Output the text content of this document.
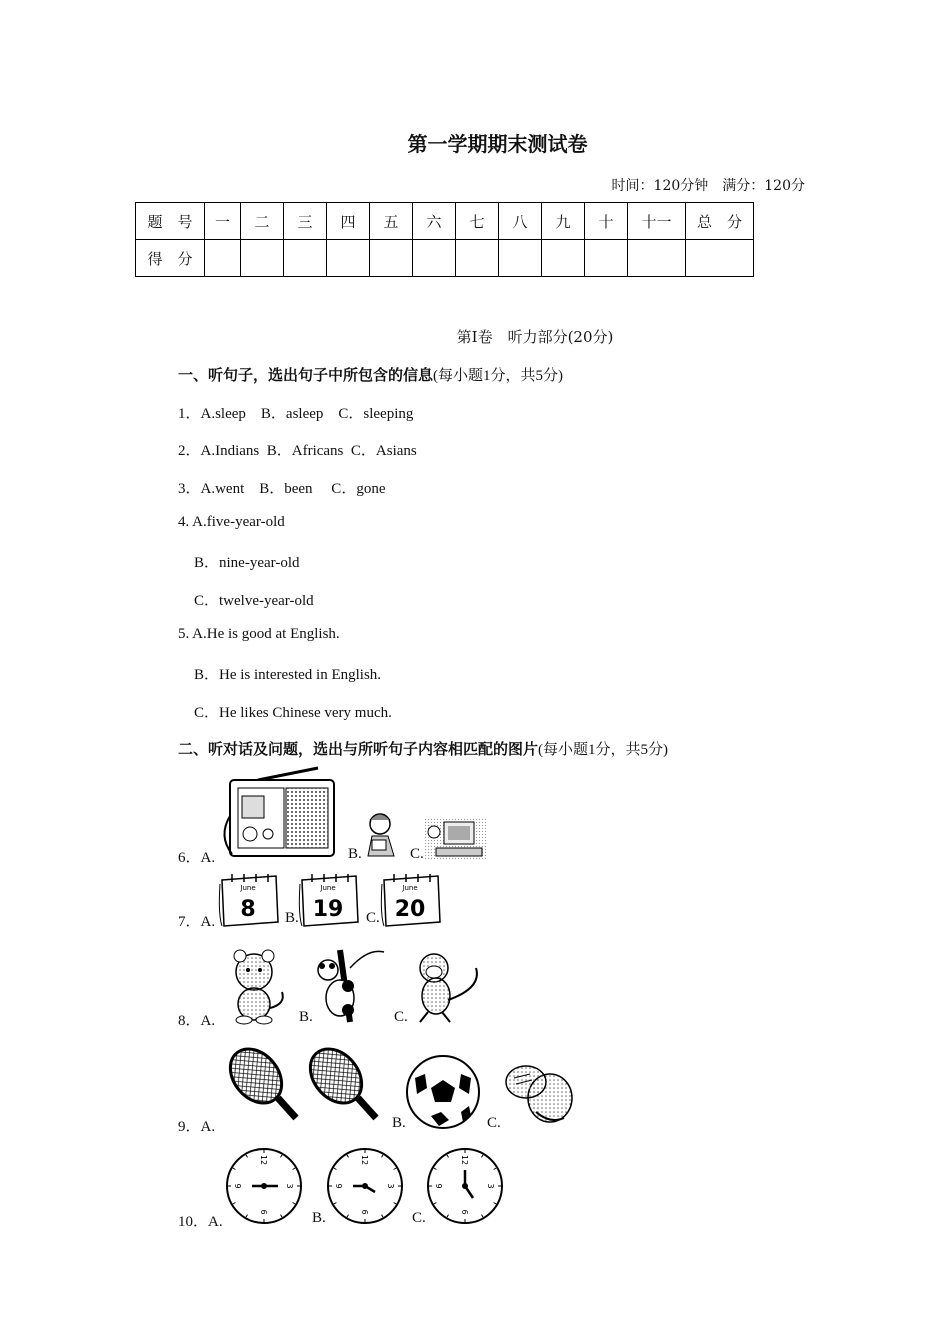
第一学期期末测试卷
时间：120分钟　满分：120分
题　号	一	二	三	四	五	六	七	八	九	十	十一	总　分
得　分												
第Ⅰ卷　听力部分(20分)
一、听句子，选出句子中所包含的信息(每小题1分，共5分)
1．A.sleep　B．asleep　C．sleeping
2．A.Indians  B．Africans  C．Asians
3．A.went　B．been　 C．gone
4. A.five-year-old
B．nine-year-old
C．twelve-year-old
5. A.He is good at English.
B．He is interested in English.
C．He likes Chinese very much.
二、听对话及问题，选出与所听句子内容相匹配的图片(每小题1分，共5分)
6．A.	B.	C.
7．A.	B.	C.
June
8
June
19
June
20
8．A.	B.	C.
9．A.	B.	C.
10．A.	B.	C.
12
3
6
9
12
3
6
9
12
3
6
9
